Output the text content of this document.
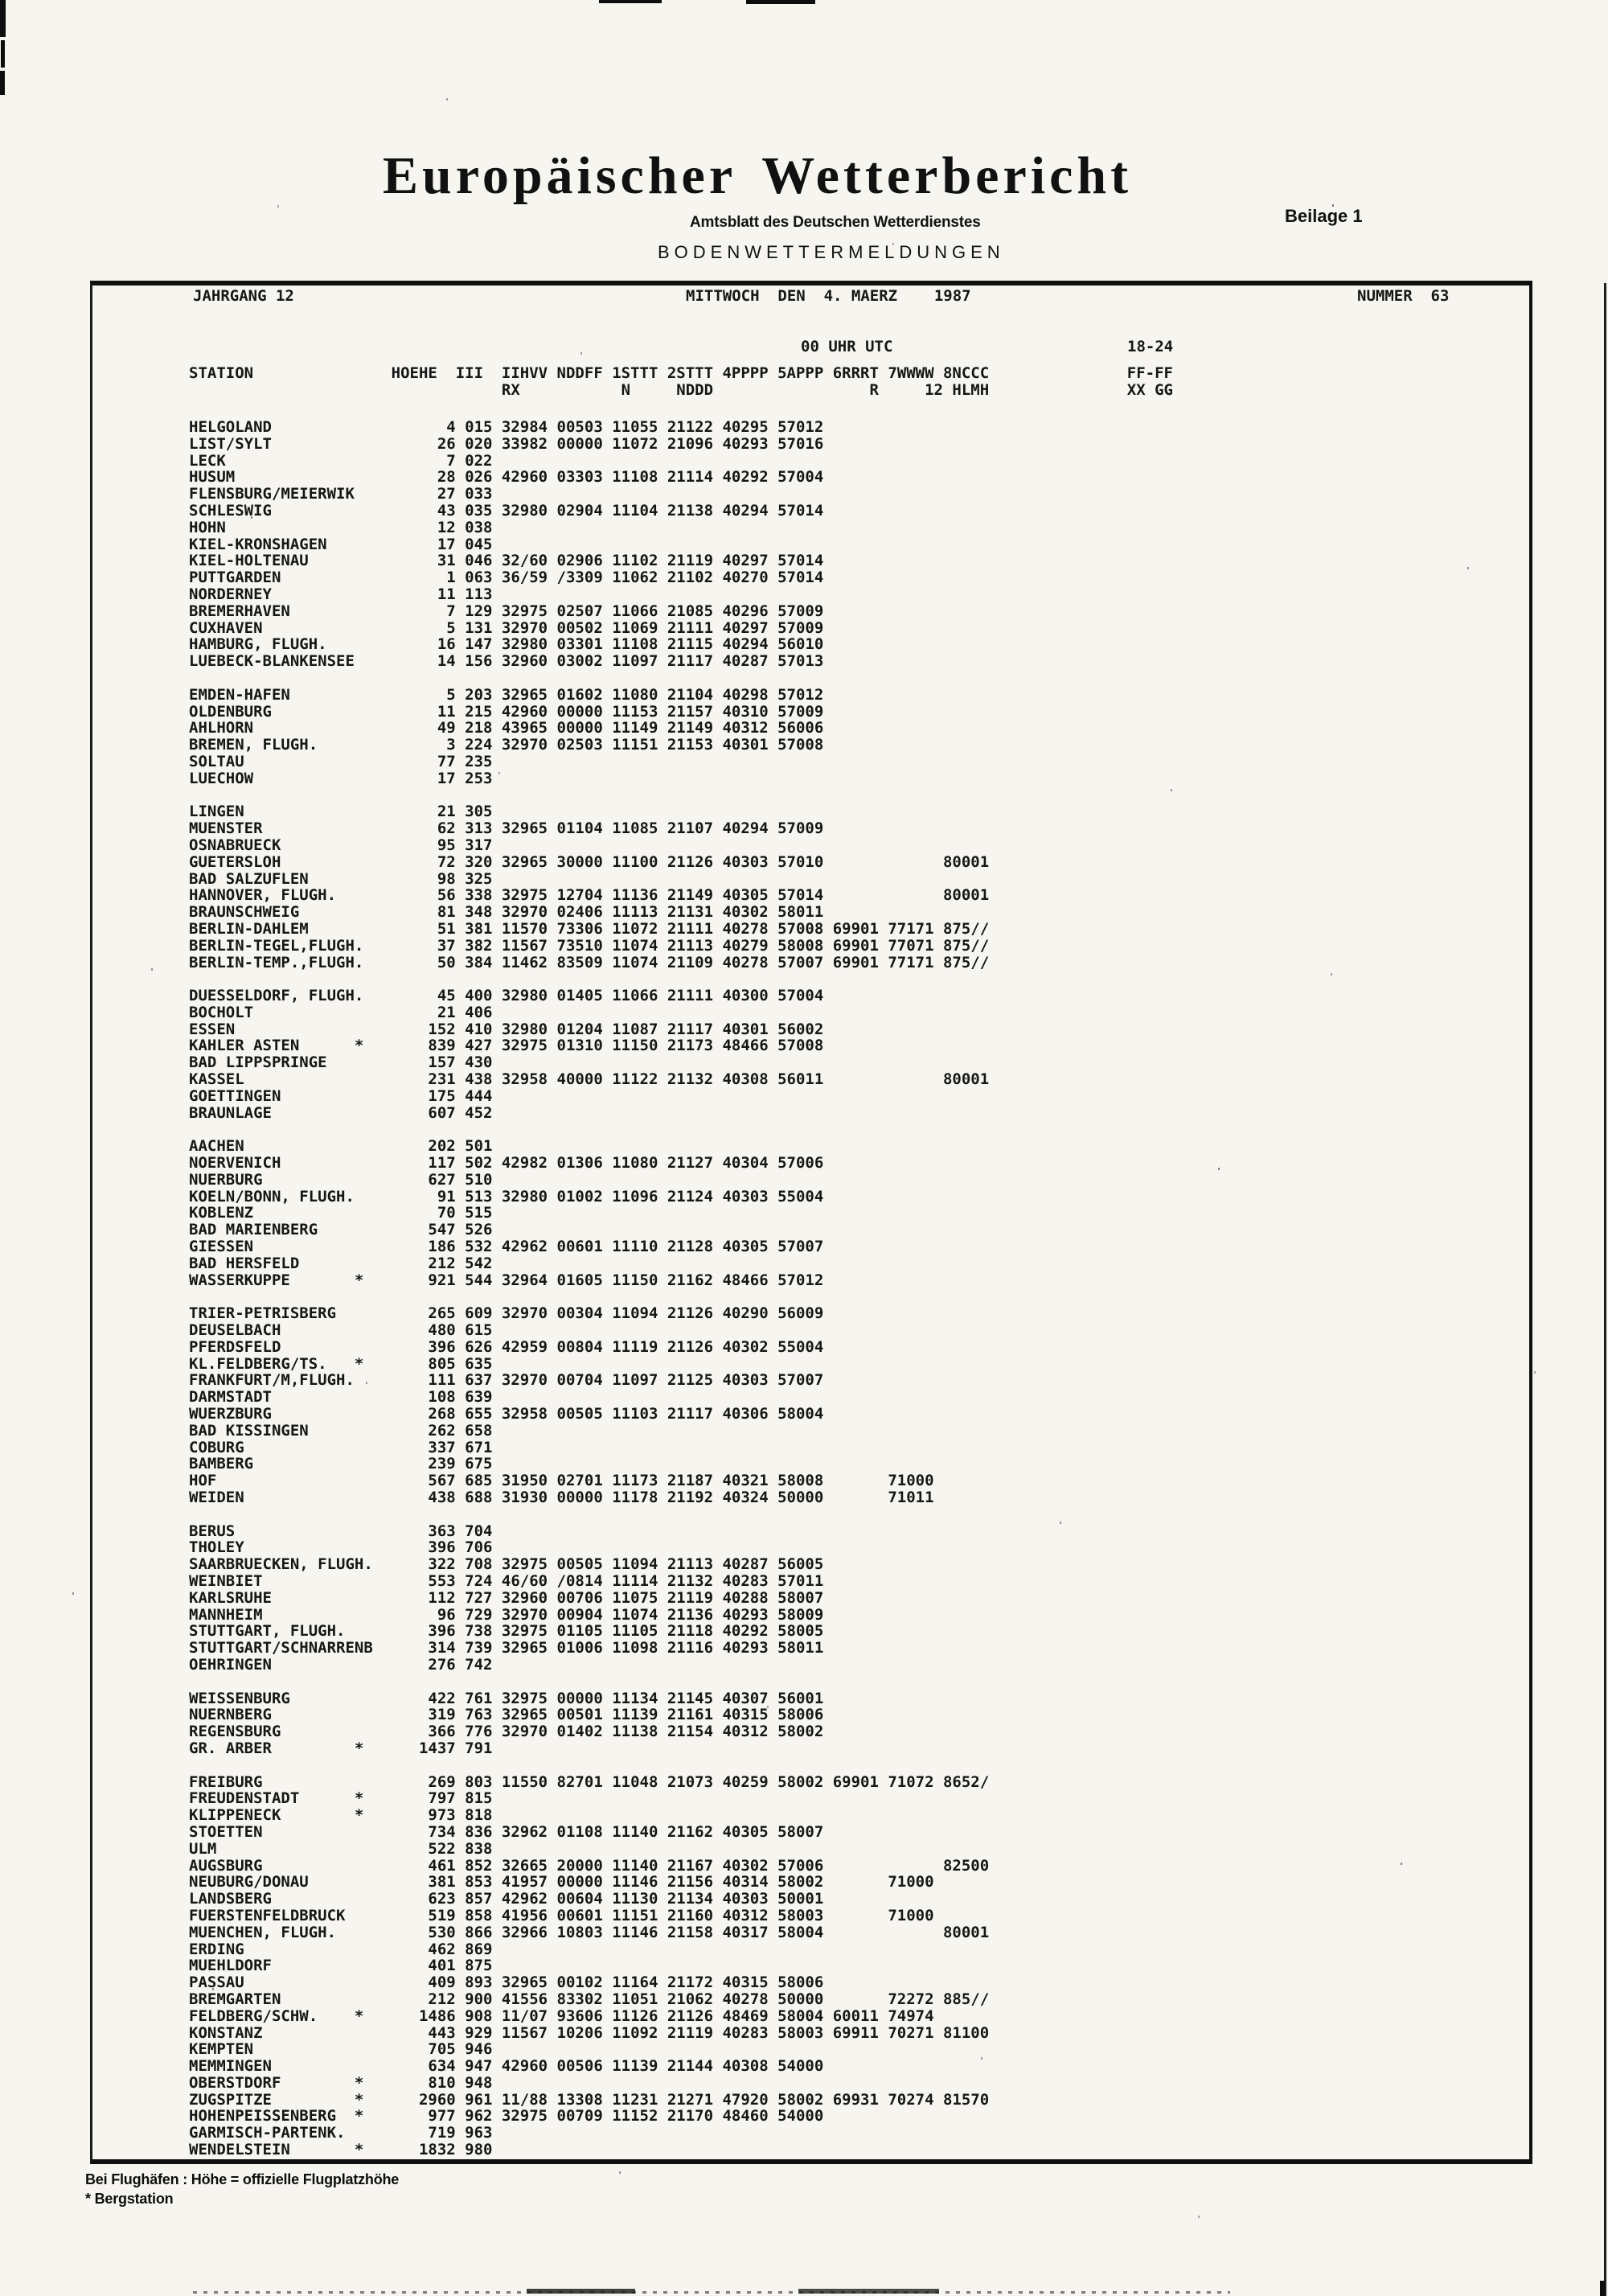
Europäischer Wetterbericht
Amtsblatt des Deutschen Wetterdienstes	Beilage 1
BODENWETTERMELDUNGEN
JAHRGANG 12	MITTWOCH  DEN  4. MAERZ    1987	NUMMER  63
00 UHR UTC	18-24
STATION               HOEHE  III  IIHVV NDDFF 1STTT 2STTT 4PPPP 5APPP 6RRRT 7WWWW 8NCCC               FF-FF
RX           N     NDDD                 R     12 HLMH               XX GG
HELGOLAND                   4 015 32984 00503 11055 21122 40295 57012
LIST/SYLT                  26 020 33982 00000 11072 21096 40293 57016
LECK                        7 022
HUSUM                      28 026 42960 03303 11108 21114 40292 57004
FLENSBURG/MEIERWIK         27 033
SCHLESWIG                  43 035 32980 02904 11104 21138 40294 57014
HOHN                       12 038
KIEL-KRONSHAGEN            17 045
KIEL-HOLTENAU              31 046 32/60 02906 11102 21119 40297 57014
PUTTGARDEN                  1 063 36/59 /3309 11062 21102 40270 57014
NORDERNEY                  11 113
BREMERHAVEN                 7 129 32975 02507 11066 21085 40296 57009
CUXHAVEN                    5 131 32970 00502 11069 21111 40297 57009
HAMBURG, FLUGH.            16 147 32980 03301 11108 21115 40294 56010
LUEBECK-BLANKENSEE         14 156 32960 03002 11097 21117 40287 57013
EMDEN-HAFEN                 5 203 32965 01602 11080 21104 40298 57012
OLDENBURG                  11 215 42960 00000 11153 21157 40310 57009
AHLHORN                    49 218 43965 00000 11149 21149 40312 56006
BREMEN, FLUGH.              3 224 32970 02503 11151 21153 40301 57008
SOLTAU                     77 235
LUECHOW                    17 253
LINGEN                     21 305
MUENSTER                   62 313 32965 01104 11085 21107 40294 57009
OSNABRUECK                 95 317
GUETERSLOH                 72 320 32965 30000 11100 21126 40303 57010             80001
BAD SALZUFLEN              98 325
HANNOVER, FLUGH.           56 338 32975 12704 11136 21149 40305 57014             80001
BRAUNSCHWEIG               81 348 32970 02406 11113 21131 40302 58011
BERLIN-DAHLEM              51 381 11570 73306 11072 21111 40278 57008 69901 77171 875//
BERLIN-TEGEL,FLUGH.        37 382 11567 73510 11074 21113 40279 58008 69901 77071 875//
BERLIN-TEMP.,FLUGH.        50 384 11462 83509 11074 21109 40278 57007 69901 77171 875//
DUESSELDORF, FLUGH.        45 400 32980 01405 11066 21111 40300 57004
BOCHOLT                    21 406
ESSEN                     152 410 32980 01204 11087 21117 40301 56002
KAHLER ASTEN      *       839 427 32975 01310 11150 21173 48466 57008
BAD LIPPSPRINGE           157 430
KASSEL                    231 438 32958 40000 11122 21132 40308 56011             80001
GOETTINGEN                175 444
BRAUNLAGE                 607 452
AACHEN                    202 501
NOERVENICH                117 502 42982 01306 11080 21127 40304 57006
NUERBURG                  627 510
KOELN/BONN, FLUGH.         91 513 32980 01002 11096 21124 40303 55004
KOBLENZ                    70 515
BAD MARIENBERG            547 526
GIESSEN                   186 532 42962 00601 11110 21128 40305 57007
BAD HERSFELD              212 542
WASSERKUPPE       *       921 544 32964 01605 11150 21162 48466 57012
TRIER-PETRISBERG          265 609 32970 00304 11094 21126 40290 56009
DEUSELBACH                480 615
PFERDSFELD                396 626 42959 00804 11119 21126 40302 55004
KL.FELDBERG/TS.   *       805 635
FRANKFURT/M,FLUGH.        111 637 32970 00704 11097 21125 40303 57007
DARMSTADT                 108 639
WUERZBURG                 268 655 32958 00505 11103 21117 40306 58004
BAD KISSINGEN             262 658
COBURG                    337 671
BAMBERG                   239 675
HOF                       567 685 31950 02701 11173 21187 40321 58008       71000
WEIDEN                    438 688 31930 00000 11178 21192 40324 50000       71011
BERUS                     363 704
THOLEY                    396 706
SAARBRUECKEN, FLUGH.      322 708 32975 00505 11094 21113 40287 56005
WEINBIET                  553 724 46/60 /0814 11114 21132 40283 57011
KARLSRUHE                 112 727 32960 00706 11075 21119 40288 58007
MANNHEIM                   96 729 32970 00904 11074 21136 40293 58009
STUTTGART, FLUGH.         396 738 32975 01105 11105 21118 40292 58005
STUTTGART/SCHNARRENB      314 739 32965 01006 11098 21116 40293 58011
OEHRINGEN                 276 742
WEISSENBURG               422 761 32975 00000 11134 21145 40307 56001
NUERNBERG                 319 763 32965 00501 11139 21161 40315 58006
REGENSBURG                366 776 32970 01402 11138 21154 40312 58002
GR. ARBER         *      1437 791
FREIBURG                  269 803 11550 82701 11048 21073 40259 58002 69901 71072 8652/
FREUDENSTADT      *       797 815
KLIPPENECK        *       973 818
STOETTEN                  734 836 32962 01108 11140 21162 40305 58007
ULM                       522 838
AUGSBURG                  461 852 32665 20000 11140 21167 40302 57006             82500
NEUBURG/DONAU             381 853 41957 00000 11146 21156 40314 58002       71000
LANDSBERG                 623 857 42962 00604 11130 21134 40303 50001
FUERSTENFELDBRUCK         519 858 41956 00601 11151 21160 40312 58003       71000
MUENCHEN, FLUGH.          530 866 32966 10803 11146 21158 40317 58004             80001
ERDING                    462 869
MUEHLDORF                 401 875
PASSAU                    409 893 32965 00102 11164 21172 40315 58006
BREMGARTEN                212 900 41556 83302 11051 21062 40278 50000       72272 885//
FELDBERG/SCHW.    *      1486 908 11/07 93606 11126 21126 48469 58004 60011 74974
KONSTANZ                  443 929 11567 10206 11092 21119 40283 58003 69911 70271 81100
KEMPTEN                   705 946
MEMMINGEN                 634 947 42960 00506 11139 21144 40308 54000
OBERSTDORF        *       810 948
ZUGSPITZE         *      2960 961 11/88 13308 11231 21271 47920 58002 69931 70274 81570
HOHENPEISSENBERG  *       977 962 32975 00709 11152 21170 48460 54000
GARMISCH-PARTENK.         719 963
WENDELSTEIN       *      1832 980
Bei Flughäfen : Höhe = offizielle Flugplatzhöhe
* Bergstation
